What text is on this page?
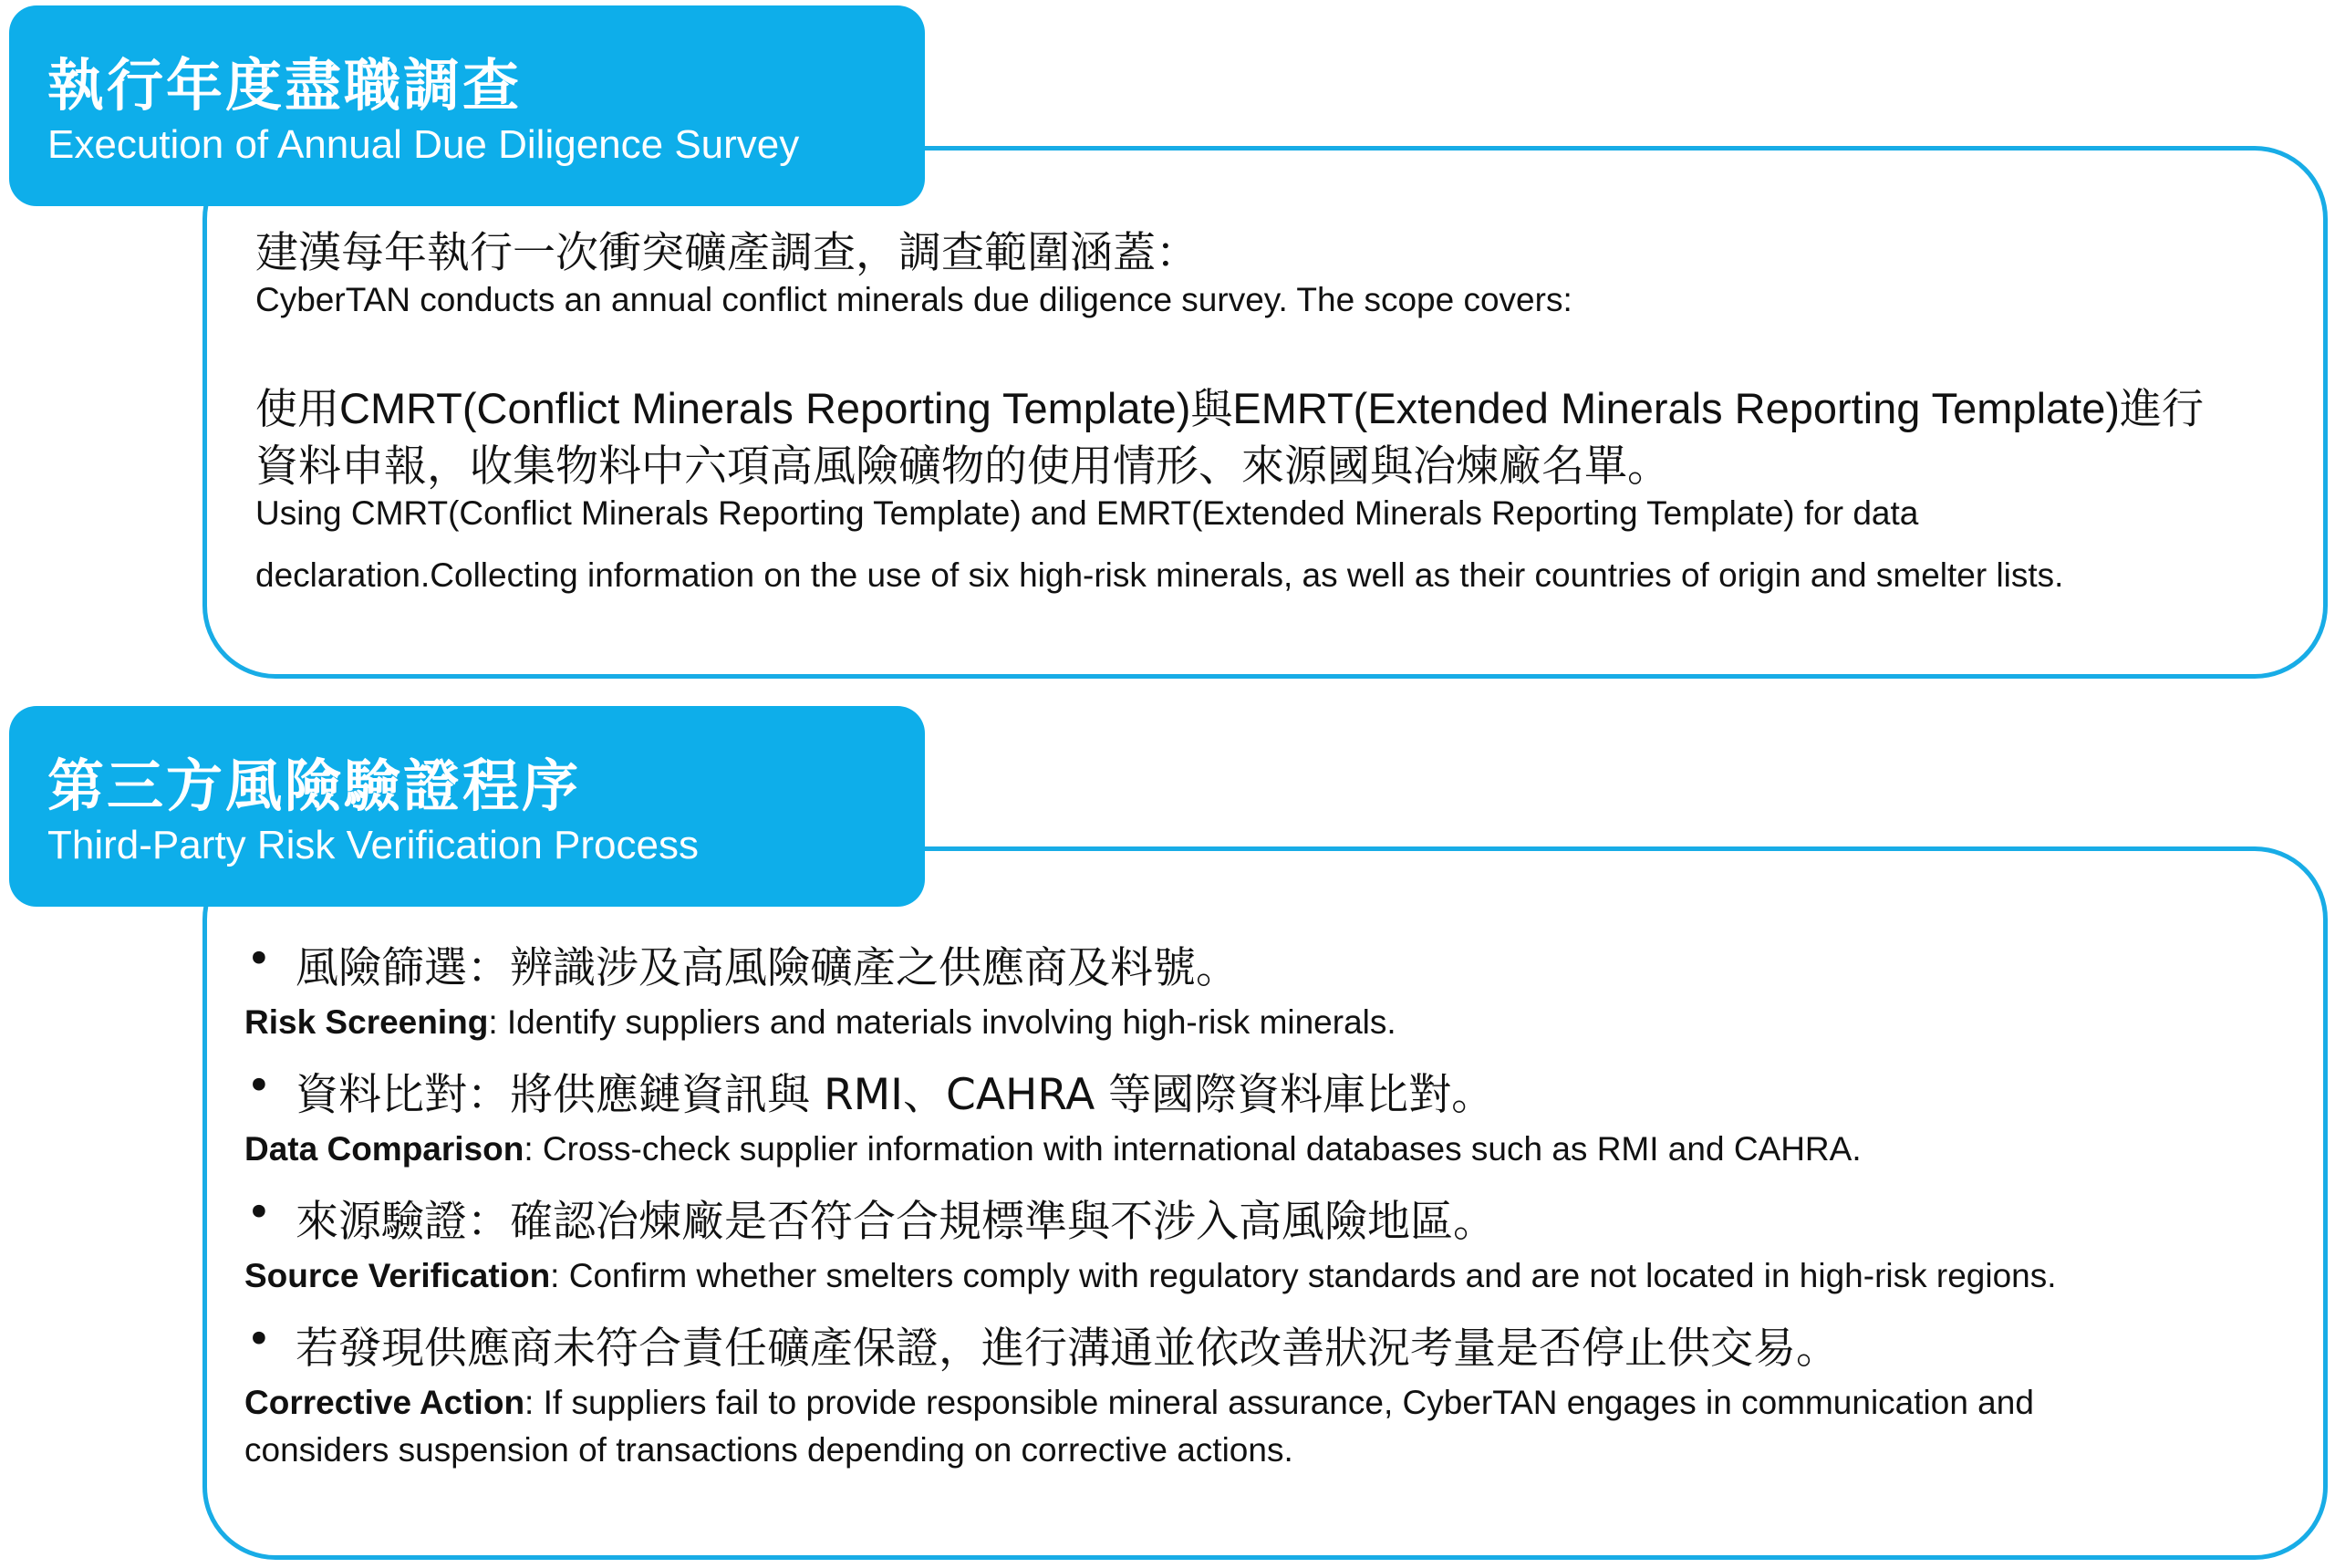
執行年度盡職調查
Execution of Annual Due Diligence Survey
建漢每年執行一次衝突礦產調查，調查範圍涵蓋：
CyberTAN conducts an annual conflict minerals due diligence survey. The scope covers:
使用CMRT(Conflict Minerals Reporting Template)與EMRT(Extended Minerals Reporting Template)進行
資料申報，收集物料中六項高風險礦物的使用情形、來源國與冶煉廠名單。
Using CMRT(Conflict Minerals Reporting Template) and EMRT(Extended Minerals Reporting Template) for data
declaration.Collecting information on the use of six high-risk minerals, as well as their countries of origin and smelter lists.
第三方風險驗證程序
Third-Party Risk Verification Process
• 風險篩選：辨識涉及高風險礦產之供應商及料號。
Risk Screening: Identify suppliers and materials involving high-risk minerals.
• 資料比對：將供應鏈資訊與 RMI、CAHRA 等國際資料庫比對。
Data Comparison: Cross-check supplier information with international databases such as RMI and CAHRA.
• 來源驗證：確認冶煉廠是否符合合規標準與不涉入高風險地區。
Source Verification: Confirm whether smelters comply with regulatory standards and are not located in high-risk regions.
• 若發現供應商未符合責任礦產保證，進行溝通並依改善狀況考量是否停止供交易。
Corrective Action: If suppliers fail to provide responsible mineral assurance, CyberTAN engages in communication and
considers suspension of transactions depending on corrective actions.
